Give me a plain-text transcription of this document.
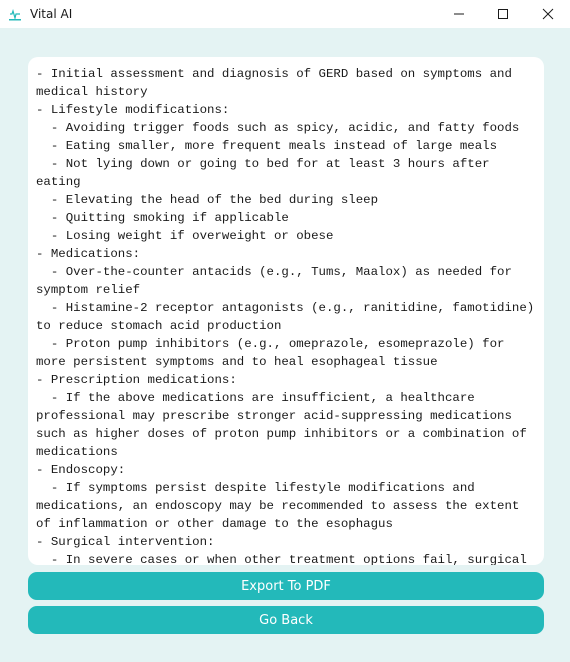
Vital AI
- Initial assessment and diagnosis of GERD based on symptoms and medical history
- Lifestyle modifications:
- Avoiding trigger foods such as spicy, acidic, and fatty foods
- Eating smaller, more frequent meals instead of large meals
- Not lying down or going to bed for at least 3 hours after eating
- Elevating the head of the bed during sleep
- Quitting smoking if applicable
- Losing weight if overweight or obese
- Medications:
- Over-the-counter antacids (e.g., Tums, Maalox) as needed for symptom relief
- Histamine-2 receptor antagonists (e.g., ranitidine, famotidine) to reduce stomach acid production
- Proton pump inhibitors (e.g., omeprazole, esomeprazole) for more persistent symptoms and to heal esophageal tissue
- Prescription medications:
- If the above medications are insufficient, a healthcare professional may prescribe stronger acid-suppressing medications such as higher doses of proton pump inhibitors or a combination of medications
- Endoscopy:
- If symptoms persist despite lifestyle modifications and medications, an endoscopy may be recommended to assess the extent of inflammation or other damage to the esophagus
- Surgical intervention:
- In severe cases or when other treatment options fail, surgical

Export To PDF
Go Back
